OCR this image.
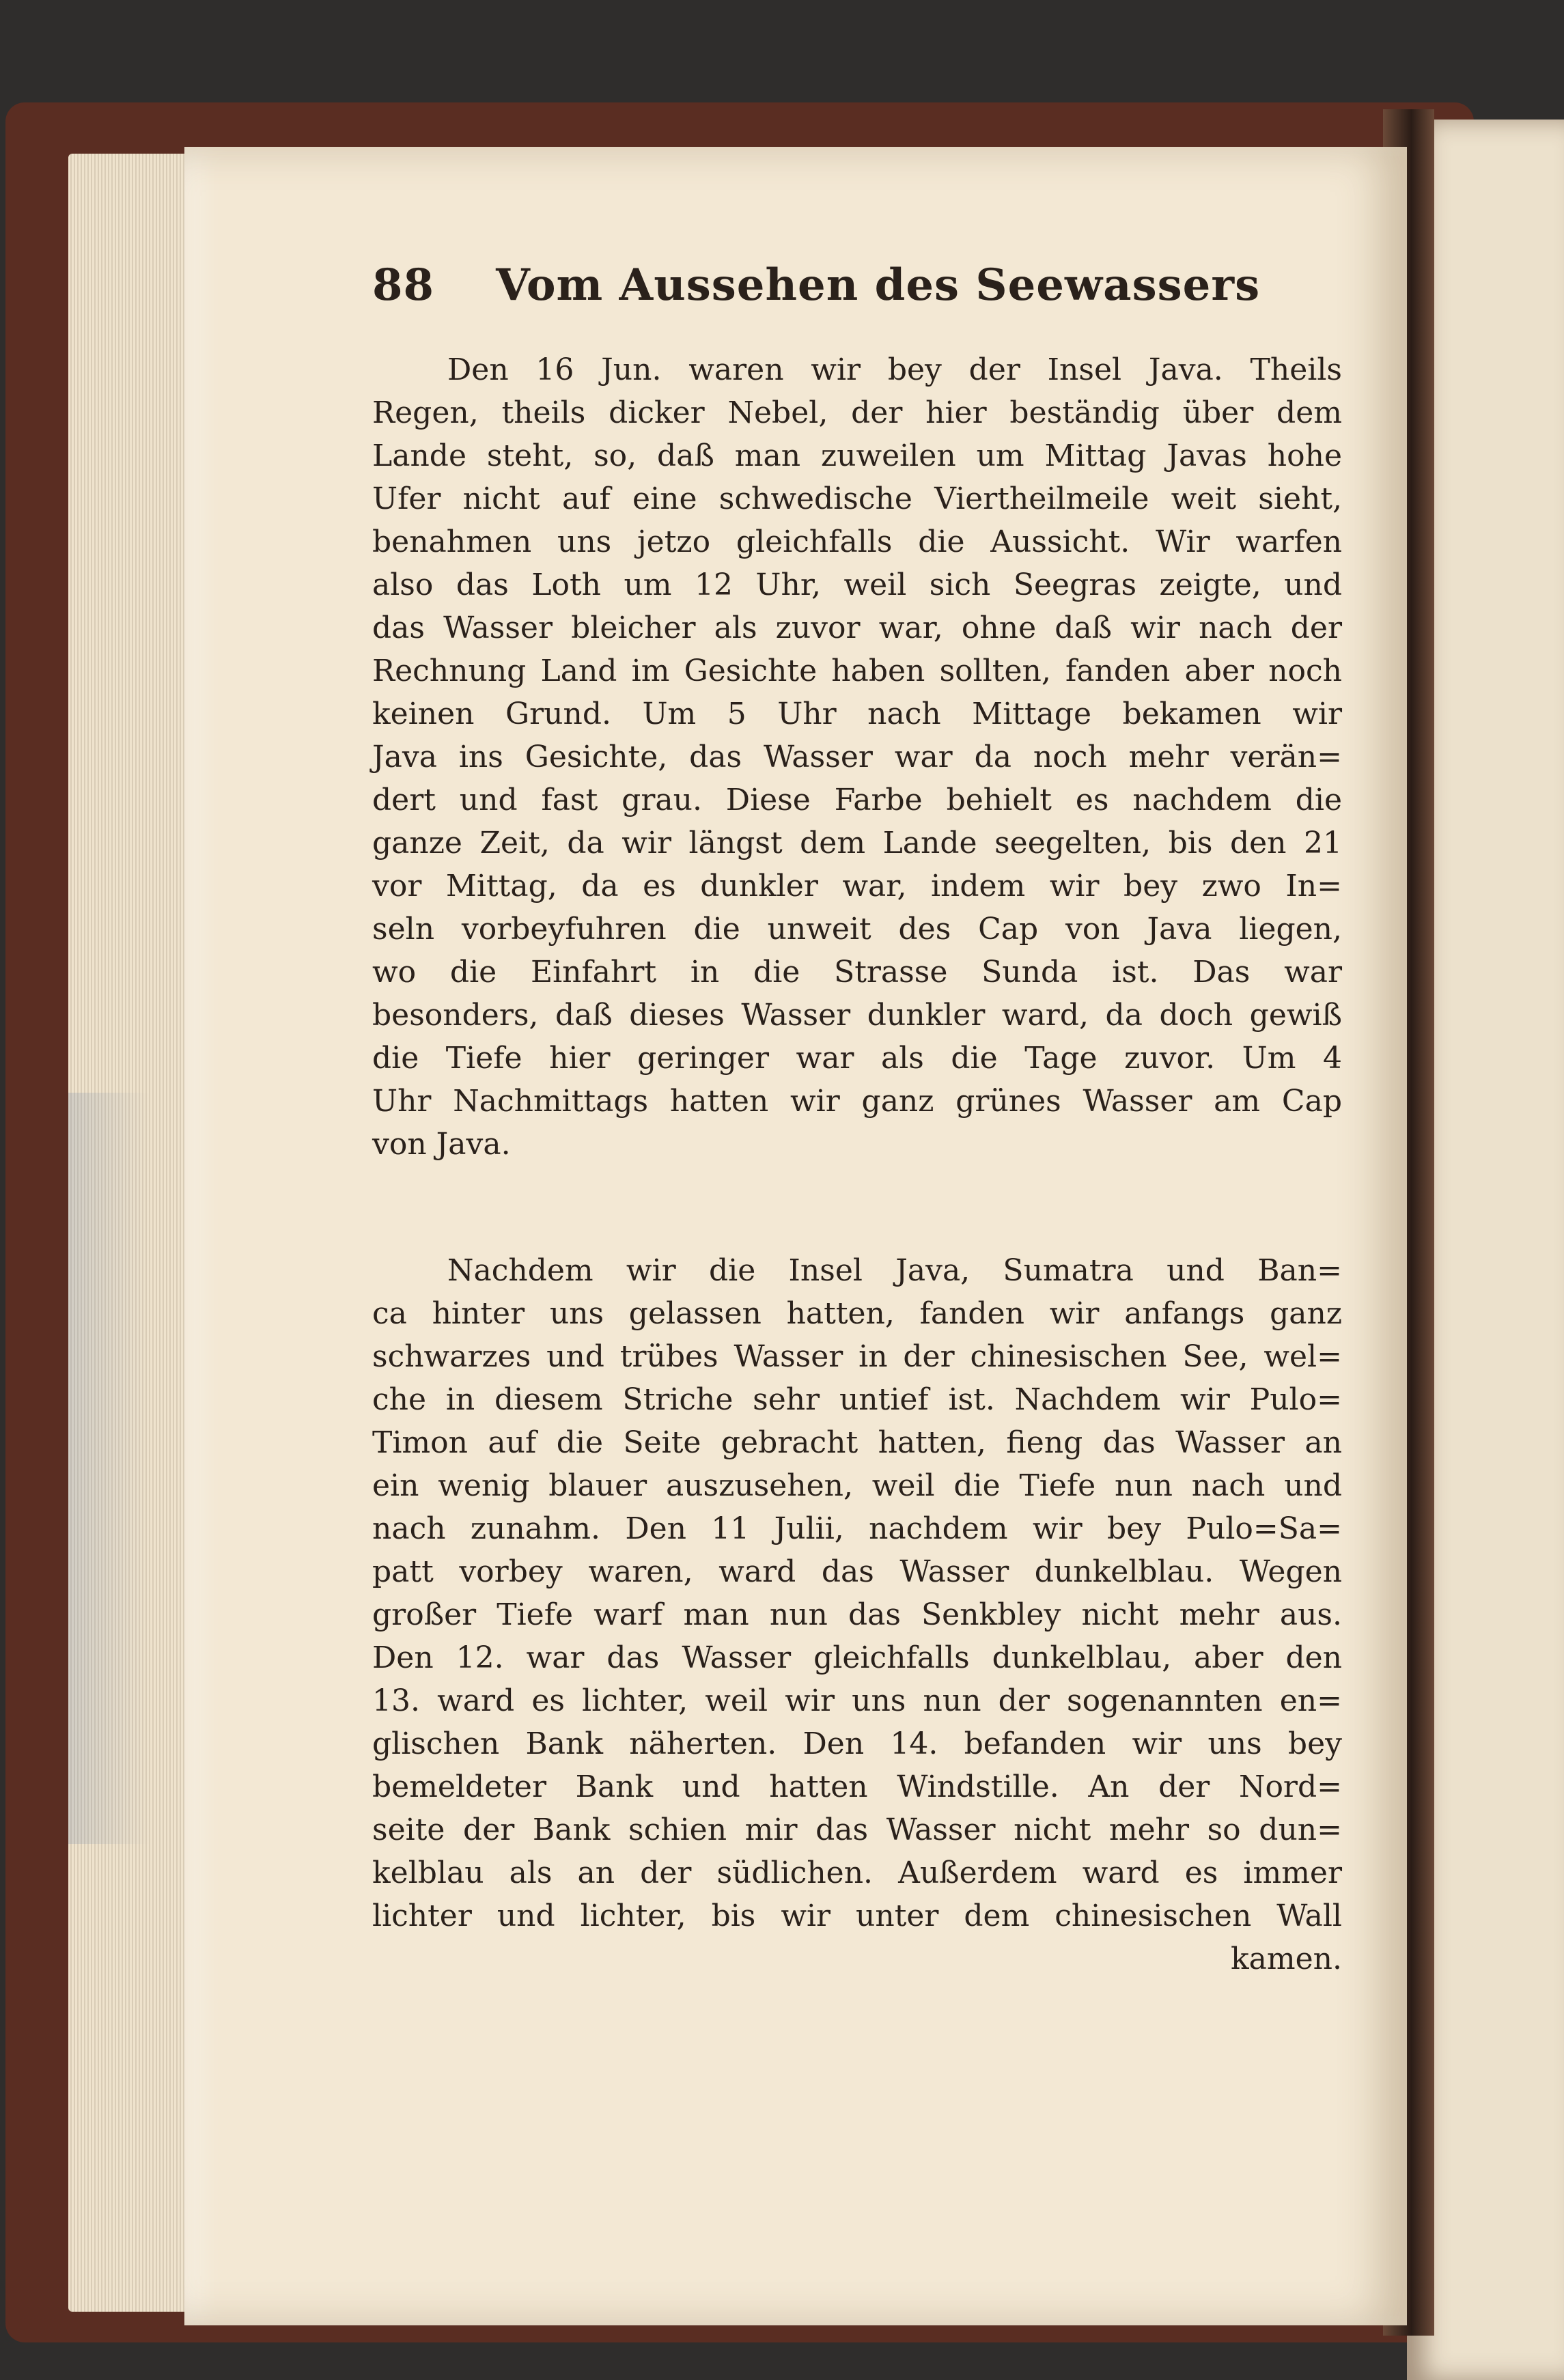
88 Vom Aussehen des Seewassers

Den 16 Jun. waren wir bey der Insel Java. Theils
Regen, theils dicker Nebel, der hier beständig über dem
Lande steht, so, daß man zuweilen um Mittag Javas hohe
Ufer nicht auf eine schwedische Viertheilmeile weit sieht,
benahmen uns jetzo gleichfalls die Aussicht. Wir warfen
also das Loth um 12 Uhr, weil sich Seegras zeigte, und
das Wasser bleicher als zuvor war, ohne daß wir nach der
Rechnung Land im Gesichte haben sollten, fanden aber noch
keinen Grund. Um 5 Uhr nach Mittage bekamen wir
Java ins Gesichte, das Wasser war da noch mehr verän=
dert und fast grau. Diese Farbe behielt es nachdem die
ganze Zeit, da wir längst dem Lande seegelten, bis den 21
vor Mittag, da es dunkler war, indem wir bey zwo In=
seln vorbeyfuhren die unweit des Cap von Java liegen,
wo die Einfahrt in die Strasse Sunda ist. Das war
besonders, daß dieses Wasser dunkler ward, da doch gewiß
die Tiefe hier geringer war als die Tage zuvor. Um 4
Uhr Nachmittags hatten wir ganz grünes Wasser am Cap
von Java.

Nachdem wir die Insel Java, Sumatra und Ban=
ca hinter uns gelassen hatten, fanden wir anfangs ganz
schwarzes und trübes Wasser in der chinesischen See, wel=
che in diesem Striche sehr untief ist. Nachdem wir Pulo=
Timon auf die Seite gebracht hatten, fieng das Wasser an
ein wenig blauer auszusehen, weil die Tiefe nun nach und
nach zunahm. Den 11 Julii, nachdem wir bey Pulo=Sa=
patt vorbey waren, ward das Wasser dunkelblau. Wegen
großer Tiefe warf man nun das Senkbley nicht mehr aus.
Den 12. war das Wasser gleichfalls dunkelblau, aber den
13. ward es lichter, weil wir uns nun der sogenannten en=
glischen Bank näherten. Den 14. befanden wir uns bey
bemeldeter Bank und hatten Windstille. An der Nord=
seite der Bank schien mir das Wasser nicht mehr so dun=
kelblau als an der südlichen. Außerdem ward es immer
lichter und lichter, bis wir unter dem chinesischen Wall
kamen.
